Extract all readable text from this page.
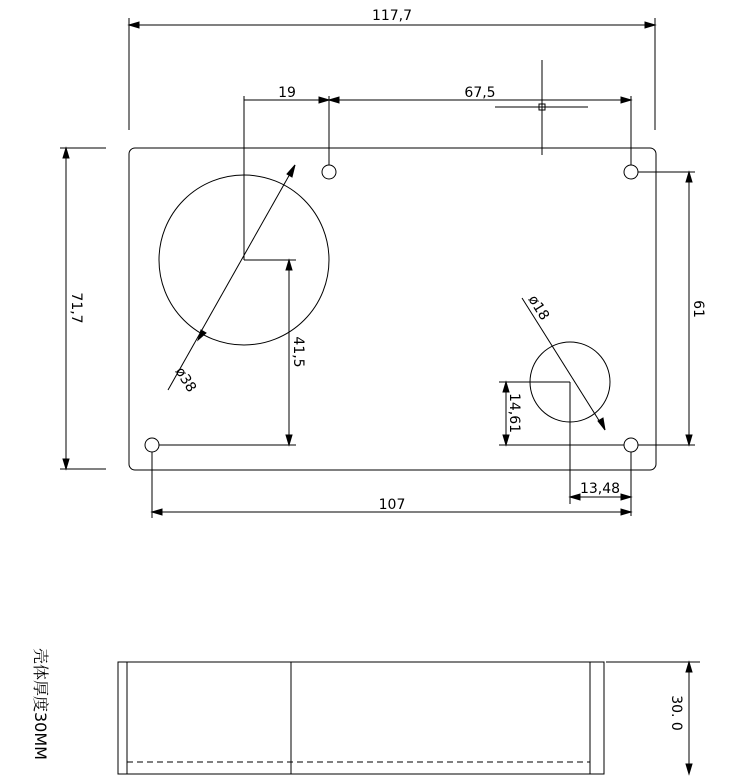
117,7
19	67,5
71,7	61
41,5
ø38
ø18
14,61
13,48
107
30. 0
壳体厚度30MM
